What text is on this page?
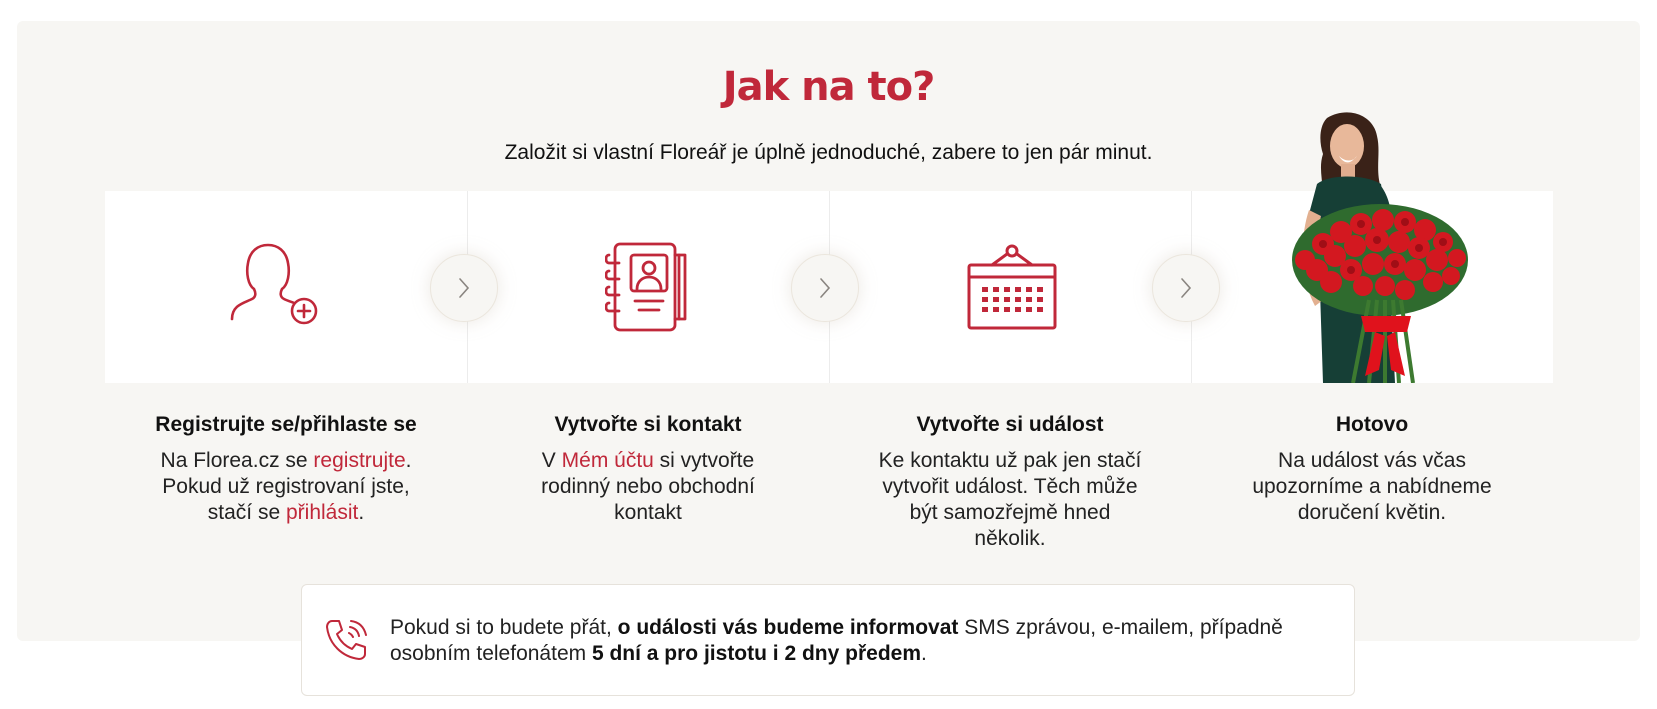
Jak na to?

Založit si vlastní Floreář je úplně jednoduché, zabere to jen pár minut.

Registrujte se/přihlaste se

Na Florea.cz se registrujte. Pokud už registrovaní jste, stačí se přihlásit.

Vytvořte si kontakt

V Mém účtu si vytvořte rodinný nebo obchodní kontakt

Vytvořte si událost

Ke kontaktu už pak jen stačí vytvořit událost. Těch může být samozřejmě hned několik.

Hotovo

Na událost vás včas upozorníme a nabídneme doručení květin.

Pokud si to budete přát, o události vás budeme informovat SMS zprávou, e-mailem, případně osobním telefonátem 5 dní a pro jistotu i 2 dny předem.
